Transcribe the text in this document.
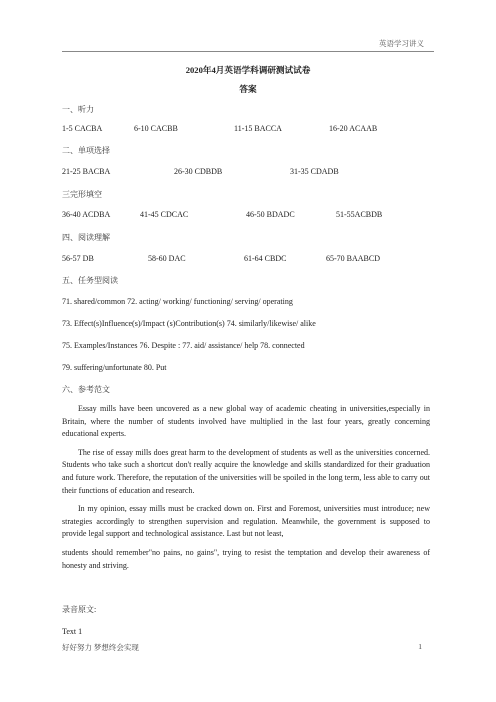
英语学习讲义
2020年4月英语学科调研测试试卷
答案
一、听力
1-5 CACBA	6-10 CACBB	11-15 BACCA	16-20 ACAAB
二、单项选择
21-25 BACBA	26-30 CDBDB	31-35 CDADB
三完形填空
36-40 ACDBA	41-45 CDCAC	46-50 BDADC	51-55ACBDB
四、阅读理解
56-57 DB	58-60 DAC	61-64 CBDC	65-70 BAABCD
五、任务型阅读
71. shared/common 72. acting/ working/ functioning/ serving/ operating
73. Effect(s)Influence(s)/Impact (s)Contribution(s) 74. similarly/likewise/ alike
75. Examples/Instances 76. Despite : 77. aid/ assistance/ help 78. connected
79. suffering/unfortunate 80. Put
六、参考范文

Essay mills have been uncovered as a new global way of academic cheating in universities,especially in Britain, where the number of students involved have multiplied in the last four years, greatly concerning educational experts.

The rise of essay mills does great harm to the development of students as well as the universities concerned. Students who take such a shortcut don't really acquire the knowledge and skills standardized for their graduation and future work. Therefore, the reputation of the universities will be spoiled in the long term, less able to carry out their functions of education and research.

In my opinion, essay mills must be cracked down on. First and Foremost, universities must introduce; new strategies accordingly to strengthen supervision and regulation. Meanwhile, the government is supposed to provide legal support and technological assistance. Last but not least,

students should remember"no pains, no gains", trying to resist the temptation and develop their awareness of honesty and striving.

录音原文:
Text 1
好好努力 梦想终会实现	1
